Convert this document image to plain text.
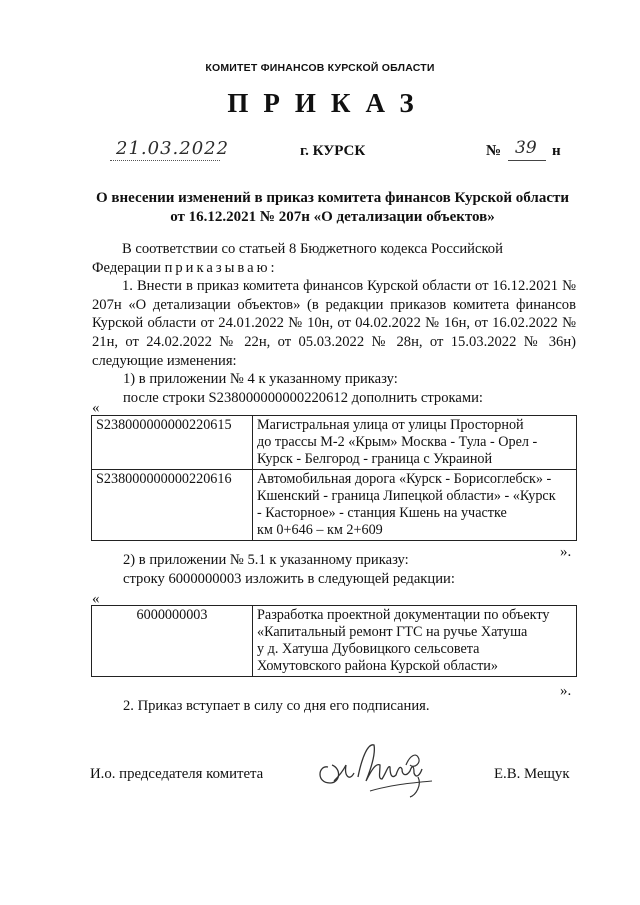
КОМИТЕТ ФИНАНСОВ КУРСКОЙ ОБЛАСТИ
ПРИКАЗ
21.03.2022	г. КУРСК	№ 39 н
О внесении изменений в приказ комитета финансов Курской области
от 16.12.2021 № 207н «О детализации объектов»
В соответствии со статьей 8 Бюджетного кодекса Российской
Федерации приказываю:
1. Внести в приказ комитета финансов Курской области от 16.12.2021 № 207н «О детализации объектов» (в редакции приказов комитета финансов Курской области от 24.01.2022 № 10н, от 04.02.2022 № 16н, от 16.02.2022 № 21н, от 24.02.2022 № 22н, от 05.03.2022 № 28н, от 15.03.2022 № 36н) следующие изменения:
1) в приложении № 4 к указанному приказу:
после строки S238000000000220612 дополнить строками:
«
S238000000000220615	Магистральная улица от улицы Просторной
до трассы М-2 «Крым» Москва - Тула - Орел -
Курск - Белгород - граница с Украиной

S238000000000220616	Автомобильная дорога «Курск - Борисоглебск» -
Кшенский - граница Липецкой области» - «Курск
- Касторное» - станция Кшень на участке
км 0+646 – км 2+609
».
2) в приложении № 5.1 к указанному приказу:
строку 6000000003 изложить в следующей редакции:
«
6000000003	Разработка проектной документации по объекту
«Капитальный ремонт ГТС на ручье Хатуша
у д. Хатуша Дубовицкого сельсовета
Хомутовского района Курской области»
».
2. Приказ вступает в силу со дня его подписания.
И.о. председателя комитета	Е.В. Мещук
